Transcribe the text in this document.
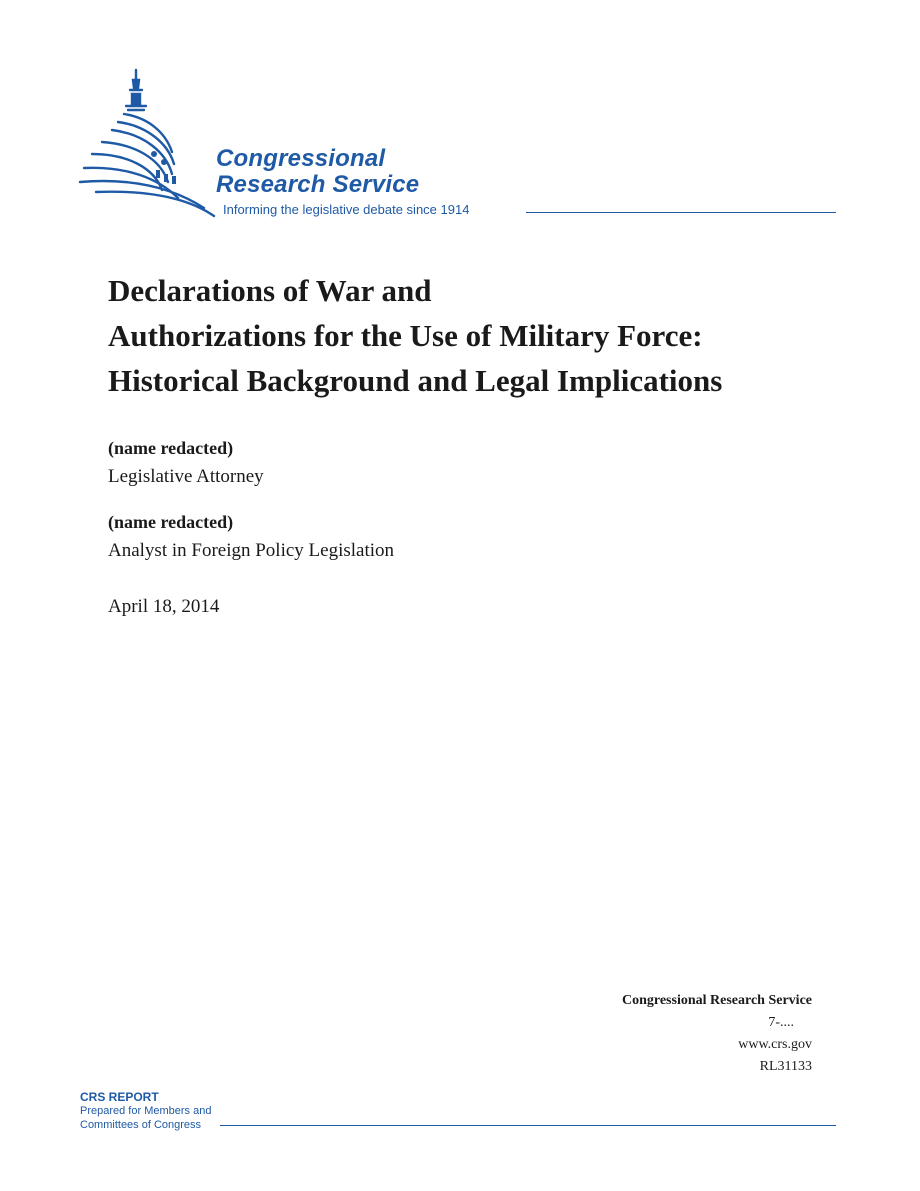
Congressional
Research Service
Informing the legislative debate since 1914
Declarations of War and
Authorizations for the Use of Military Force:
Historical Background and Legal Implications
(name redacted)
Legislative Attorney
(name redacted)
Analyst in Foreign Policy Legislation
April 18, 2014
Congressional Research Service
7-....
www.crs.gov
RL31133
CRS REPORT
Prepared for Members and
Committees of Congress
